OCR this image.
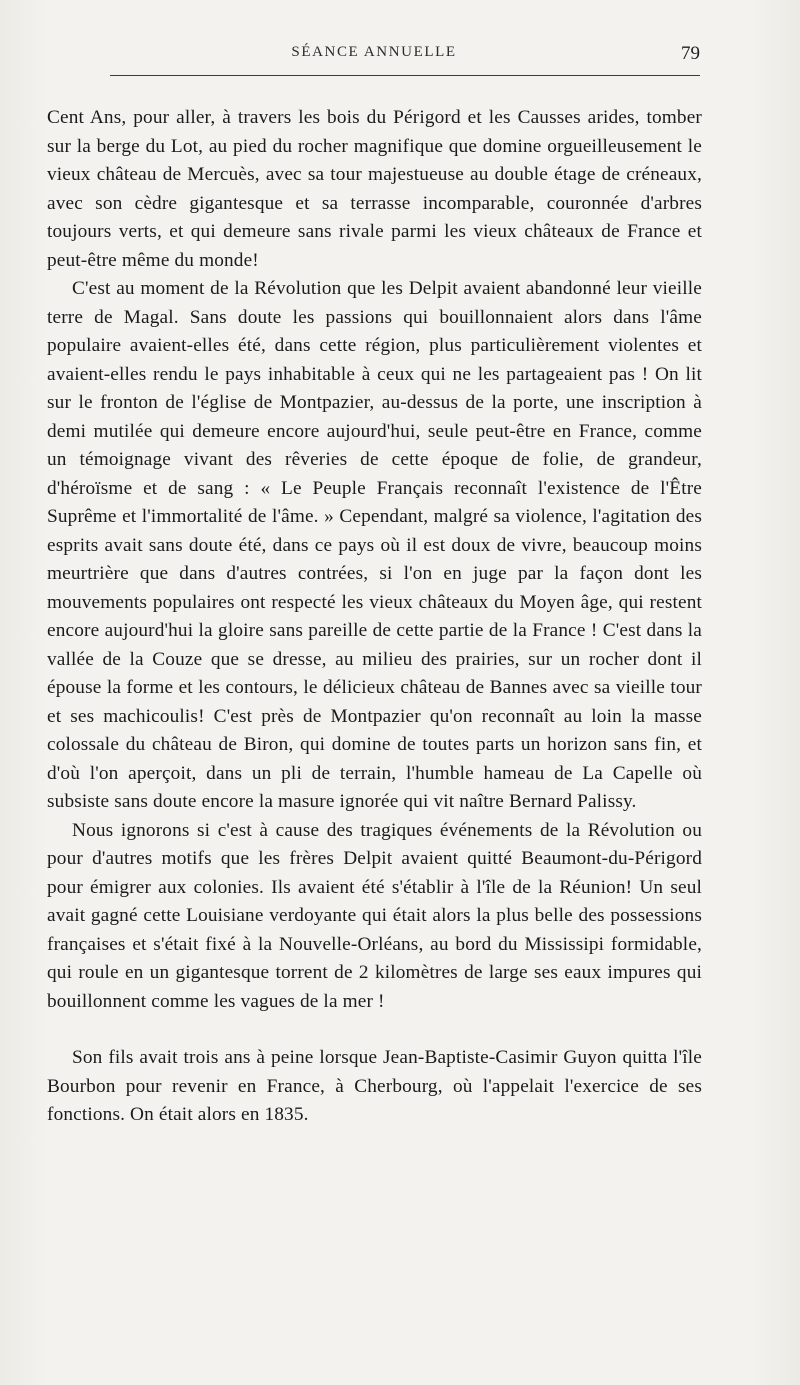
SÉANCE ANNUELLE	79

Cent Ans, pour aller, à travers les bois du Périgord et les Causses arides, tomber sur la berge du Lot, au pied du rocher magnifique que domine orgueilleusement le vieux château de Mercuès, avec sa tour majestueuse au double étage de créneaux, avec son cèdre gigantesque et sa terrasse incomparable, couronnée d'arbres toujours verts, et qui demeure sans rivale parmi les vieux châteaux de France et peut-être même du monde!

C'est au moment de la Révolution que les Delpit avaient abandonné leur vieille terre de Magal. Sans doute les passions qui bouillonnaient alors dans l'âme populaire avaient-elles été, dans cette région, plus particulièrement violentes et avaient-elles rendu le pays inhabitable à ceux qui ne les partageaient pas ! On lit sur le fronton de l'église de Montpazier, au-dessus de la porte, une inscription à demi mutilée qui demeure encore aujourd'hui, seule peut-être en France, comme un témoignage vivant des rêveries de cette époque de folie, de grandeur, d'héroïsme et de sang : « Le Peuple Français reconnaît l'existence de l'Être Suprême et l'immortalité de l'âme. » Cependant, malgré sa violence, l'agitation des esprits avait sans doute été, dans ce pays où il est doux de vivre, beaucoup moins meurtrière que dans d'autres contrées, si l'on en juge par la façon dont les mouvements populaires ont respecté les vieux châteaux du Moyen âge, qui restent encore aujourd'hui la gloire sans pareille de cette partie de la France ! C'est dans la vallée de la Couze que se dresse, au milieu des prairies, sur un rocher dont il épouse la forme et les contours, le délicieux château de Bannes avec sa vieille tour et ses machicoulis! C'est près de Montpazier qu'on reconnaît au loin la masse colossale du château de Biron, qui domine de toutes parts un horizon sans fin, et d'où l'on aperçoit, dans un pli de terrain, l'humble hameau de La Capelle où subsiste sans doute encore la masure ignorée qui vit naître Bernard Palissy.

Nous ignorons si c'est à cause des tragiques événements de la Révolution ou pour d'autres motifs que les frères Delpit avaient quitté Beaumont-du-Périgord pour émigrer aux colonies. Ils avaient été s'établir à l'île de la Réunion! Un seul avait gagné cette Louisiane verdoyante qui était alors la plus belle des possessions françaises et s'était fixé à la Nouvelle-Orléans, au bord du Mississipi formidable, qui roule en un gigantesque torrent de 2 kilomètres de large ses eaux impures qui bouillonnent comme les vagues de la mer !

Son fils avait trois ans à peine lorsque Jean-Baptiste-Casimir Guyon quitta l'île Bourbon pour revenir en France, à Cherbourg, où l'appelait l'exercice de ses fonctions. On était alors en 1835.
